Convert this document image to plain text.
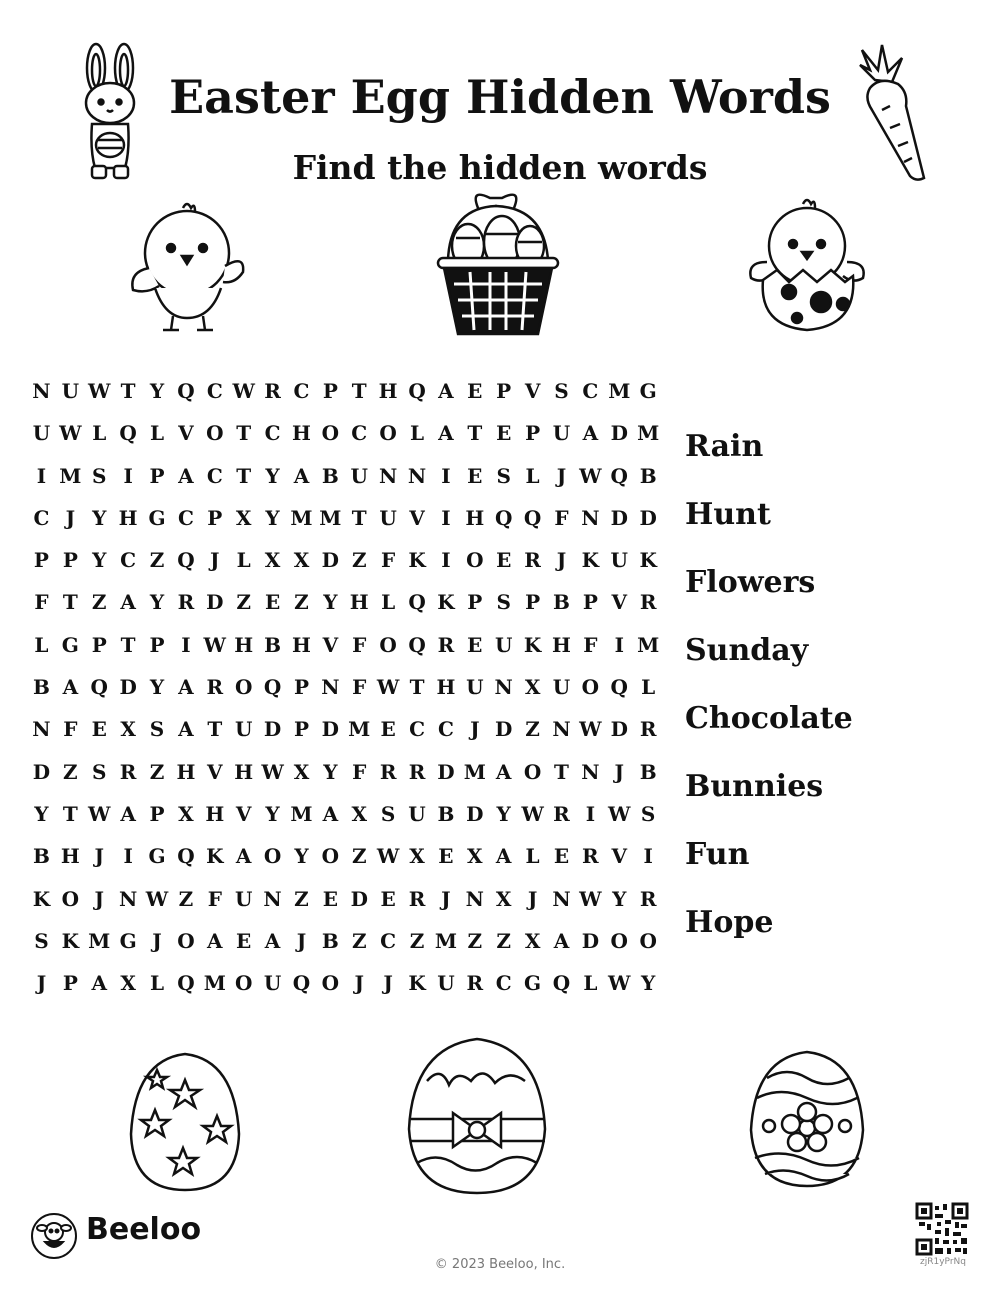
Easter Egg Hidden Words
Find the hidden words
N U W T Y Q C W R C P T H Q A E P V S C M G
U W L Q L V O T C H O C O L A T E P U A D M
I M S I P A C T Y A B U N N I E S L J W Q B
C J Y H G C P X Y M M T U V I H Q Q F N D D
P P Y C Z Q J L X X D Z F K I O E R J K U K
F T Z A Y R D Z E Z Y H L Q K P S P B P V R
L G P T P I W H B H V F O Q R E U K H F I M
B A Q D Y A R O Q P N F W T H U N X U O Q L
N F E X S A T U D P D M E C C J D Z N W D R
D Z S R Z H V H W X Y F R R D M A O T N J B
Y T W A P X H V Y M A X S U B D Y W R I W S
B H J I G Q K A O Y O Z W X E X A L E R V I
K O J N W Z F U N Z E D E R J N X J N W Y R
S K M G J O A E A J B Z C Z M Z Z X A D O O
J P A X L Q M O U Q O J J K U R C G Q L W Y
Rain
Hunt
Flowers
Sunday
Chocolate
Bunnies
Fun
Hope
Beeloo
© 2023 Beeloo, Inc.	zjR1yPrNq
